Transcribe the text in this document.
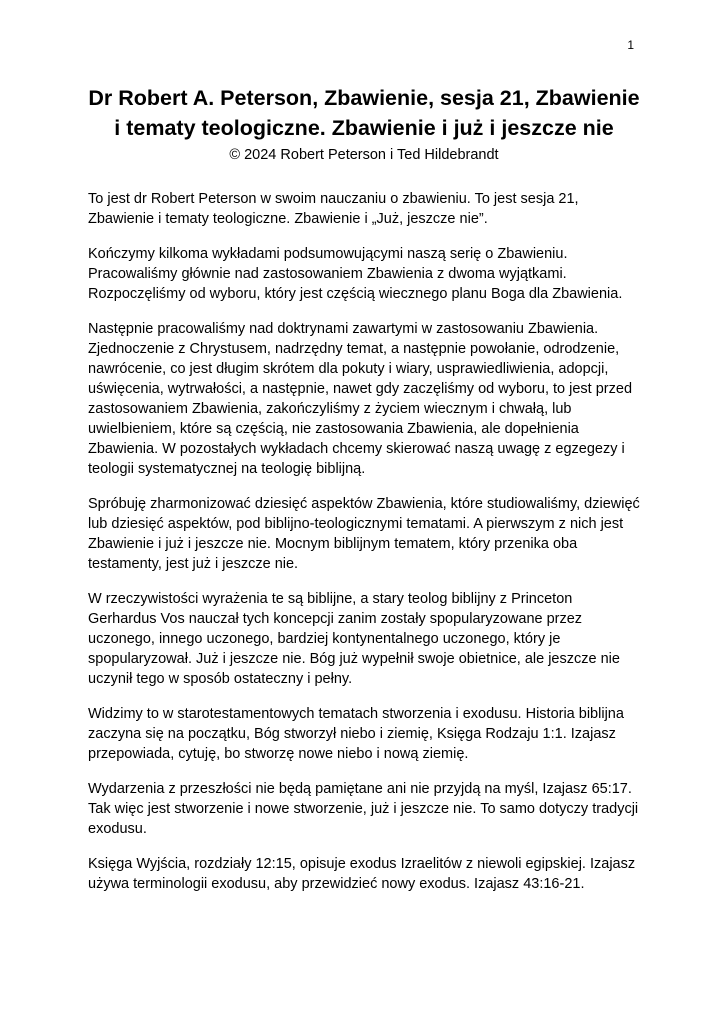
1
Dr Robert A. Peterson, Zbawienie, sesja 21, Zbawienie i tematy teologiczne. Zbawienie i już i jeszcze nie
© 2024 Robert Peterson i Ted Hildebrandt

To jest dr Robert Peterson w swoim nauczaniu o zbawieniu. To jest sesja 21, Zbawienie i tematy teologiczne. Zbawienie i „Już, jeszcze nie”.

Kończymy kilkoma wykładami podsumowującymi naszą serię o Zbawieniu. Pracowaliśmy głównie nad zastosowaniem Zbawienia z dwoma wyjątkami. Rozpoczęliśmy od wyboru, który jest częścią wiecznego planu Boga dla Zbawienia.

Następnie pracowaliśmy nad doktrynami zawartymi w zastosowaniu Zbawienia. Zjednoczenie z Chrystusem, nadrzędny temat, a następnie powołanie, odrodzenie, nawrócenie, co jest długim skrótem dla pokuty i wiary, usprawiedliwienia, adopcji, uświęcenia, wytrwałości, a następnie, nawet gdy zaczęliśmy od wyboru, to jest przed zastosowaniem Zbawienia, zakończyliśmy z życiem wiecznym i chwałą, lub uwielbieniem, które są częścią, nie zastosowania Zbawienia, ale dopełnienia Zbawienia. W pozostałych wykładach chcemy skierować naszą uwagę z egzegezy i teologii systematycznej na teologię biblijną.

Spróbuję zharmonizować dziesięć aspektów Zbawienia, które studiowaliśmy, dziewięć lub dziesięć aspektów, pod biblijno-teologicznymi tematami. A pierwszym z nich jest Zbawienie i już i jeszcze nie. Mocnym biblijnym tematem, który przenika oba testamenty, jest już i jeszcze nie.

W rzeczywistości wyrażenia te są biblijne, a stary teolog biblijny z Princeton Gerhardus Vos nauczał tych koncepcji zanim zostały spopularyzowane przez uczonego, innego uczonego, bardziej kontynentalnego uczonego, który je spopularyzował. Już i jeszcze nie. Bóg już wypełnił swoje obietnice, ale jeszcze nie uczynił tego w sposób ostateczny i pełny.

Widzimy to w starotestamentowych tematach stworzenia i exodusu. Historia biblijna zaczyna się na początku, Bóg stworzył niebo i ziemię, Księga Rodzaju 1:1. Izajasz przepowiada, cytuję, bo stworzę nowe niebo i nową ziemię.

Wydarzenia z przeszłości nie będą pamiętane ani nie przyjdą na myśl, Izajasz 65:17. Tak więc jest stworzenie i nowe stworzenie, już i jeszcze nie. To samo dotyczy tradycji exodusu.

Księga Wyjścia, rozdziały 12:15, opisuje exodus Izraelitów z niewoli egipskiej. Izajasz używa terminologii exodusu, aby przewidzieć nowy exodus. Izajasz 43:16-21.
